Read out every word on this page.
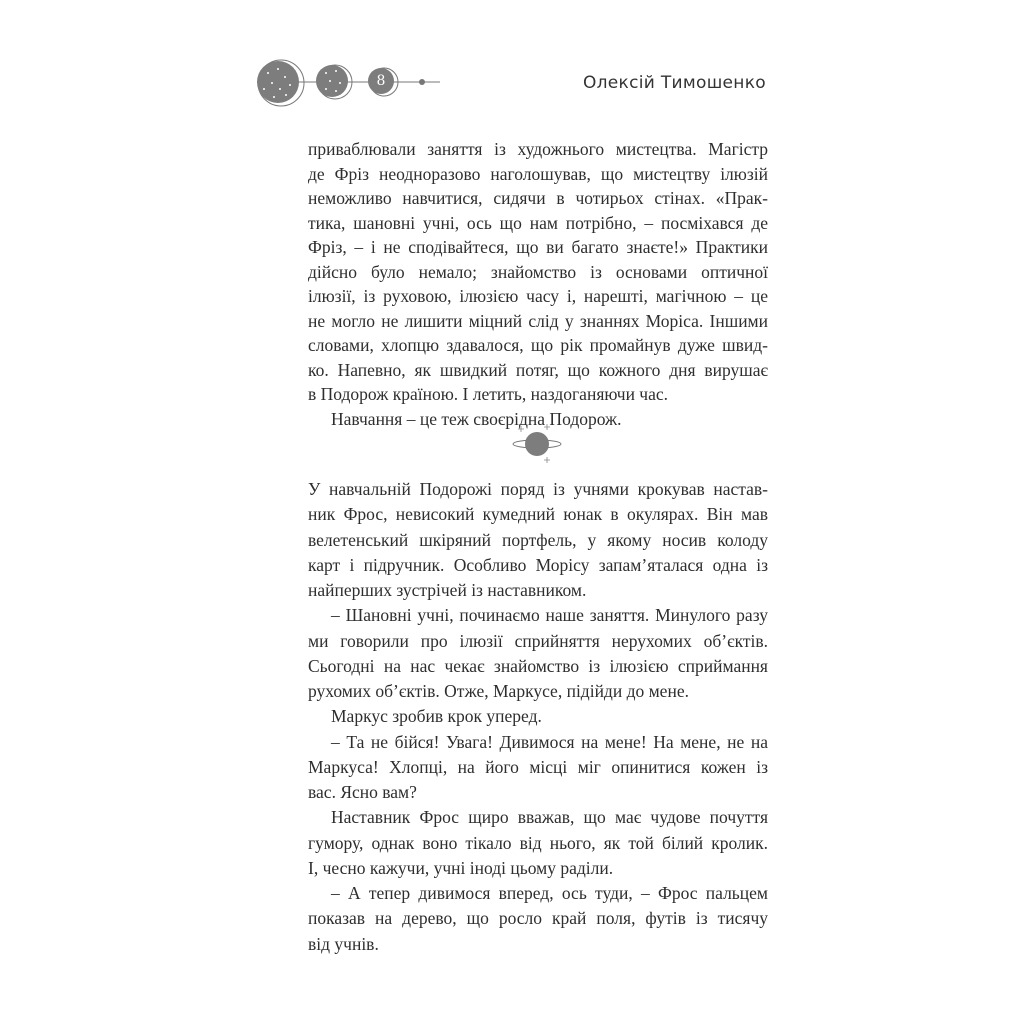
8	Олексій Тимошенко
приваблювали заняття із художнього мистецтва. Магістр
де Фріз неодноразово наголошував, що мистецтву ілюзій
неможливо навчитися, сидячи в чотирьох стінах. «Прак-
тика, шановні учні, ось що нам потрібно, – посміхався де
Фріз, – і не сподівайтеся, що ви багато знаєте!» Практики
дійсно було немало; знайомство із основами оптичної
ілюзії, із руховою, ілюзією часу і, нарешті, магічною – це
не могло не лишити міцний слід у знаннях Моріса. Іншими
словами, хлопцю здавалося, що рік промайнув дуже швид-
ко. Напевно, як швидкий потяг, що кожного дня вирушає
в Подорож країною. І летить, наздоганяючи час.
Навчання – це теж своєрідна Подорож.
У навчальній Подорожі поряд із учнями крокував настав-
ник Фрос, невисокий кумедний юнак в окулярах. Він мав
велетенський шкіряний портфель, у якому носив колоду
карт і підручник. Особливо Морісу запам’яталася одна із
найперших зустрічей із наставником.
– Шановні учні, починаємо наше заняття. Минулого разу
ми говорили про ілюзії сприйняття нерухомих об’єктів.
Сьогодні на нас чекає знайомство із ілюзією сприймання
рухомих об’єктів. Отже, Маркусе, підійди до мене.
Маркус зробив крок уперед.
– Та не бійся! Увага! Дивимося на мене! На мене, не на
Маркуса! Хлопці, на його місці міг опинитися кожен із
вас. Ясно вам?
Наставник Фрос щиро вважав, що має чудове почуття
гумору, однак воно тікало від нього, як той білий кролик.
І, чесно кажучи, учні іноді цьому раділи.
– А тепер дивимося вперед, ось туди, – Фрос пальцем
показав на дерево, що росло край поля, футів із тисячу
від учнів.
